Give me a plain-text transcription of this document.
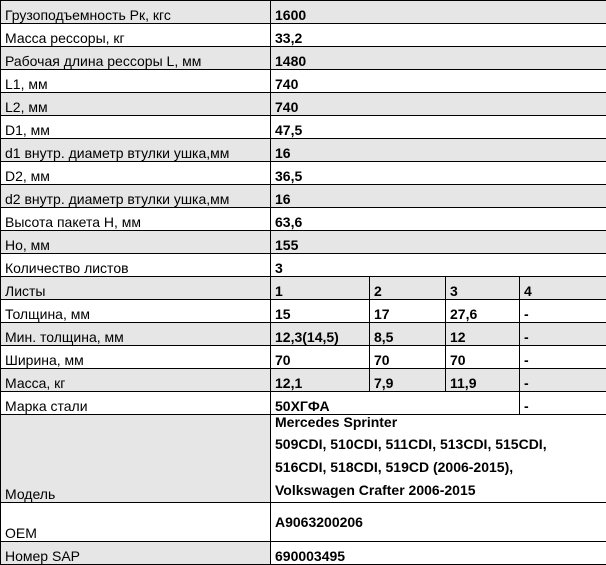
Грузоподъемность Рк, кгс	1600			
Масса рессоры, кг	33,2			
Рабочая длина рессоры L, мм	1480			
L1, мм	740			
L2, мм	740			
D1, мм	47,5			
d1 внутр. диаметр втулки ушка,мм	16			
D2, мм	36,5			
d2 внутр. диаметр втулки ушка,мм	16			
Высота пакета H, мм	63,6			
Ho, мм	155			
Количество листов	3			
Листы	1	2	3	4
Толщина, мм	15	17	27,6	-
Мин. толщина, мм	12,3(14,5)	8,5	12	-
Ширина, мм	70	70	70	-
Масса, кг	12,1	7,9	11,9	-
Марка стали	50ХГФА			-
Модель	Mercedes Sprinter
509CDI, 510CDI, 511CDI, 513CDI, 515CDI,
516CDI, 518CDI, 519CD (2006-2015),
Volkswagen Crafter 2006-2015			

OEM	A9063200206			
Номер SAP	690003495			
